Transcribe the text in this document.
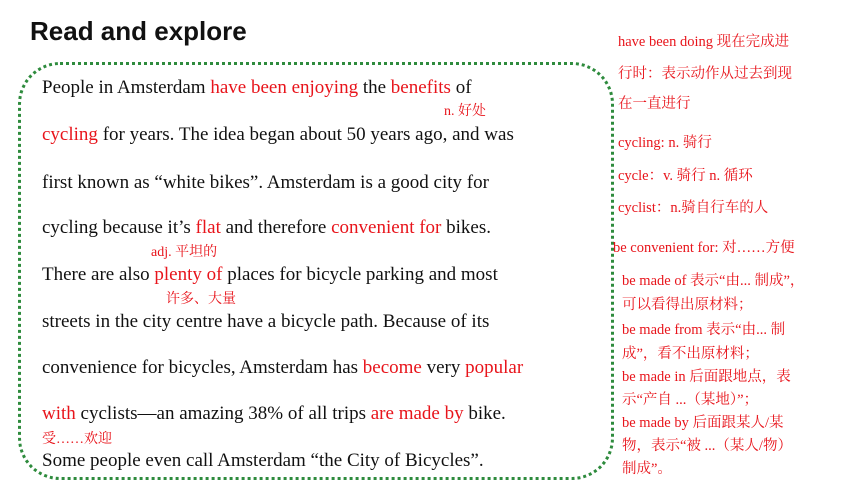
Read and explore
People in Amsterdam have been enjoying the benefits of
n. 好处
cycling for years. The idea began about 50 years ago, and was
first known as “white bikes”. Amsterdam is a good city for
cycling because it’s flat and therefore convenient for bikes.
adj. 平坦的
There are also plenty of places for bicycle parking and most
许多、大量
streets in the city centre have a bicycle path. Because of its
convenience for bicycles, Amsterdam has become very popular
with cyclists—an amazing 38% of all trips are made by bike.
受……欢迎
Some people even call Amsterdam “the City of Bicycles”.
have been doing 现在完成进
行时：表示动作从过去到现
在一直进行
cycling: n. 骑行
cycle：v. 骑行 n. 循环
cyclist：n.骑自行车的人
be convenient for: 对……方便
be made of 表示“由... 制成”，
可以看得出原材料；
be made from 表示“由... 制
成”，看不出原材料；
be made in 后面跟地点，表
示“产自 ...（某地）”；
be made by 后面跟某人/某
物，表示“被 ...（某人/物）
制成”。
